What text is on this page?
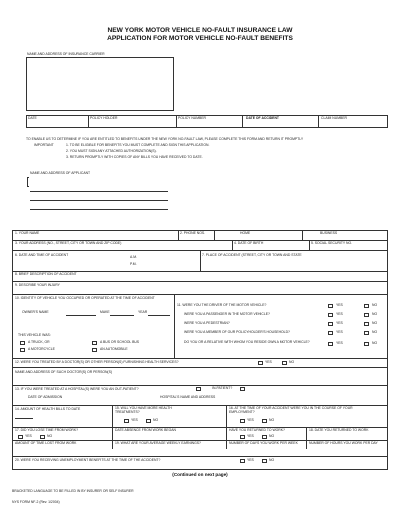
NEW YORK MOTOR VEHICLE NO-FAULT INSURANCE LAW
APPLICATION FOR MOTOR VEHICLE NO-FAULT BENEFITS
NAME AND ADDRESS OF INSURANCE CARRIER
DATE	POLICY HOLDER	POLICY NUMBER	DATE OF ACCIDENT	CLAIM NUMBER
TO ENABLE US TO DETERMINE IF YOU ARE ENTITLED TO BENEFITS UNDER THE NEW YORK NO-FAULT LAW, PLEASE COMPLETE THIS FORM AND RETURN IT PROMPTLY
IMPORTANT	1. TO BE ELIGIBLE FOR BENEFITS YOU MUST COMPLETE AND SIGN THIS APPLICATION.
2. YOU MUST SIGN ANY ATTACHED AUTHORIZATION(S).
3. RETURN PROMPTLY WITH COPIES OF ANY BILLS YOU HAVE RECEIVED TO DATE.
NAME AND ADDRESS OF APPLICANT
1. YOUR NAME	2. PHONE NOS.	HOME	BUSINESS
3. YOUR ADDRESS (NO., STREET, CITY OR TOWN AND ZIP CODE)	4. DATE OF BIRTH	5. SOCIAL SECURITY NO.
6. DATE AND TIME OF ACCIDENT	A.M.
P.M.
7. PLACE OF ACCIDENT (STREET, CITY OR TOWN AND STATE
8. BRIEF DESCRIPTION OF ACCIDENT
9. DESCRIBE YOUR INJURY
10. IDENTITY OF VEHICLE YOU OCCUPIED OR OPERATED AT THE TIME OF ACCIDENT
OWNER'S NAME	MAKE	YEAR
THIS VEHICLE WAS:
A TRUCK, OR
A MOTORCYCLE
A BUS OR SCHOOL BUS
AN AUTOMOBILE
11. WERE YOU THE DRIVER OF THE MOTOR VEHICLE?	YES	NO
WERE YOU A PASSENGER IN THE MOTOR VEHICLE?	YES	NO
WERE YOU A PEDESTRIAN?	YES	NO
WERE YOU A MEMBER OF OUR POLICYHOLDER'S HOUSEHOLD?	YES	NO
DO YOU OR A RELATIVE WITH WHOM YOU RESIDE OWN A MOTOR VEHICLE?	YES	NO
12. WERE YOU TREATED BY A DOCTOR(S) OR OTHER PERSON(S) FURNISHING HEALTH SERVICES?	YES	NO
NAME AND ADDRESS OF SUCH DOCTOR(S) OR PERSON(S)
13. IF YOU WERE TREATED AT A HOSPITAL(S) WERE YOU AN OUT-PATIENT?	IN-PATIENT?
DATE OF ADMISSION	HOSPITAL'S NAME AND ADDRESS
14. AMOUNT OF HEALTH BILLS TO DATE	15. WILL YOU HAVE MORE HEALTH TREATMENTS?
YES	NO
16. AT THE TIME OF YOUR ACCIDENT WERE YOU IN THE COURSE OF YOUR EMPLOYMENT?
YES	NO
17. DID YOU LOSE TIME FROM WORK?
YES	NO
DATE ABSENCE FROM WORK BEGAN	HAVE YOU RETURNED TO WORK?
YES	NO
18. DATE YOU RETURNED TO WORK
AMOUNT OF TIME LOST FROM WORK	19. WHAT ARE YOUR AVERAGE WEEKLY EARNINGS?	NUMBER OF DAYS YOU WORK PER WEEK	NUMBER OF HOURS YOU WORK PER DAY
20. WERE YOU RECEIVING UNEMPLOYMENT BENEFITS AT THE TIME OF THE ACCIDENT?	YES	NO
(Continued on next page)
BRACKETED LANGUAGE TO BE FILLED IN BY INSURER OR SELF INSURER
NYS FORM NF-2 (Rev. 1/2004)
